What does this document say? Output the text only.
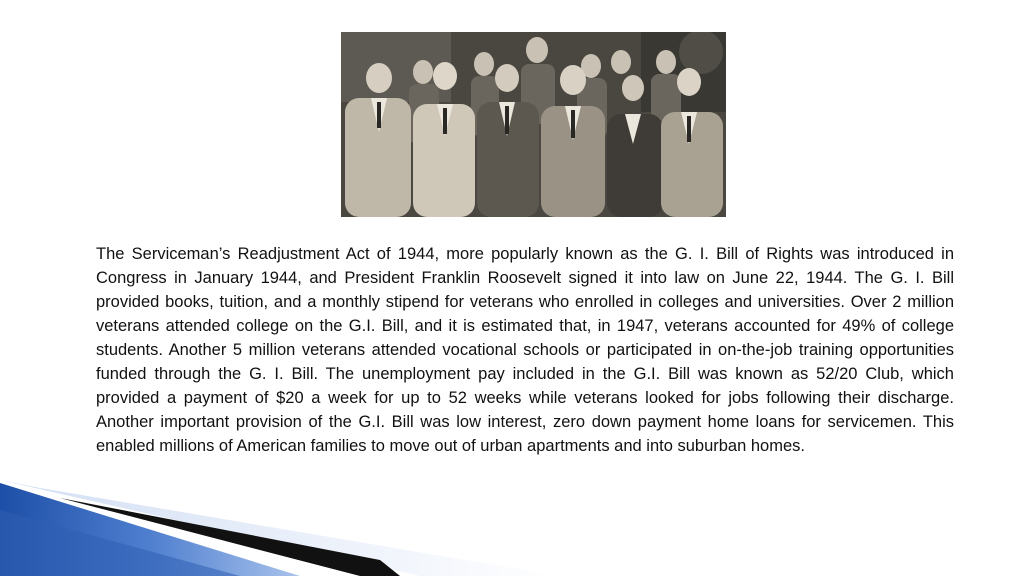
The Serviceman’s Readjustment Act of 1944, more popularly known as the G. I. Bill of Rights was introduced in Congress in January 1944, and President Franklin Roosevelt signed it into law on June 22, 1944. The G. I. Bill provided books, tuition, and a monthly stipend for veterans who enrolled in colleges and universities. Over 2 million veterans attended college on the G.I. Bill, and it is estimated that, in 1947, veterans accounted for 49% of college students. Another 5 million veterans attended vocational schools or participated in on-the-job training opportunities funded through the G. I. Bill. The unemployment pay included in the G.I. Bill was known as 52/20 Club, which provided a payment of $20 a week for up to 52 weeks while veterans looked for jobs following their discharge. Another important provision of the G.I. Bill was low interest, zero down payment home loans for servicemen. This enabled millions of American families to move out of urban apartments and into suburban homes.
